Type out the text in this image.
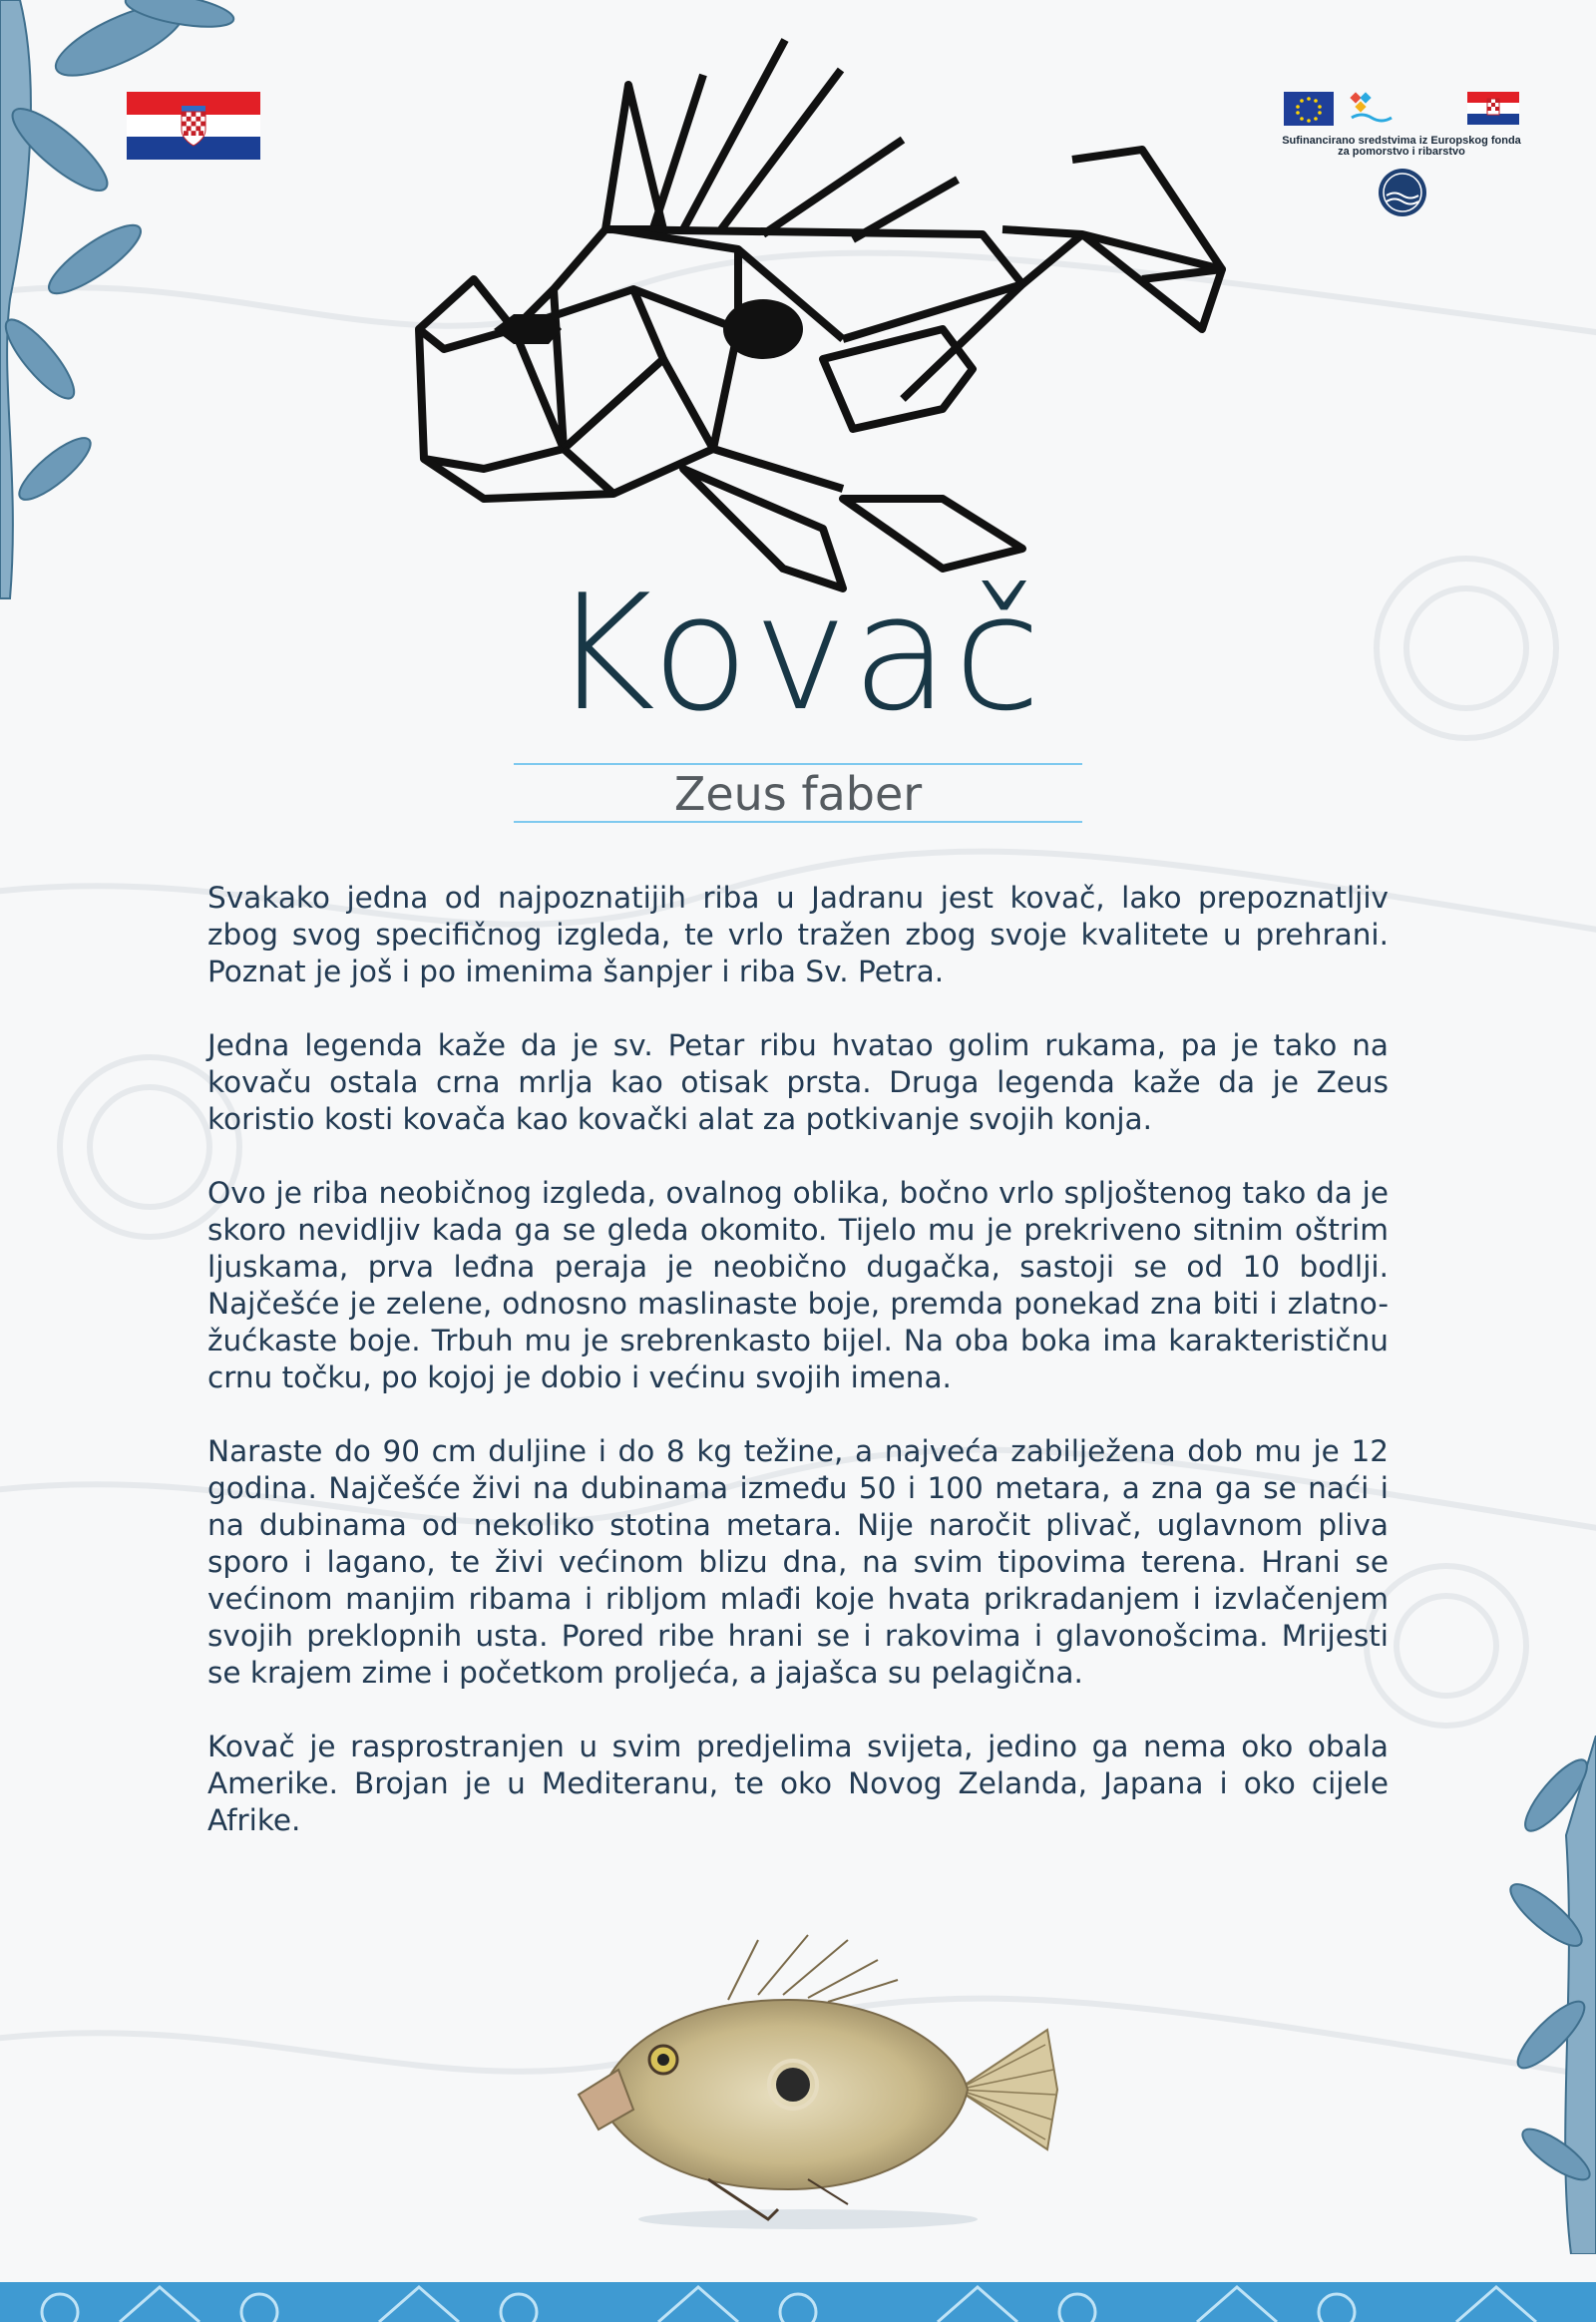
Sufinancirano sredstvima iz Europskog fonda
za pomorstvo i ribarstvo
Kovač
Zeus faber

Svakako jedna od najpoznatijih riba u Jadranu jest kovač, lako prepoznatljiv zbog svog specifičnog izgleda, te vrlo tražen zbog svoje kvalitete u prehrani. Poznat je još i po imenima šanpjer i riba Sv. Petra.

Jedna legenda kaže da je sv. Petar ribu hvatao golim rukama, pa je tako na kovaču ostala crna mrlja kao otisak prsta. Druga legenda kaže da je Zeus koristio kosti kovača kao kovački alat za potkivanje svojih konja.

Ovo je riba neobičnog izgleda, ovalnog oblika, bočno vrlo spljoštenog tako da je skoro nevidljiv kada ga se gleda okomito. Tijelo mu je prekriveno sitnim oštrim ljuskama, prva leđna peraja je neobično dugačka, sastoji se od 10 bodlji. Najčešće je zelene, odnosno maslinaste boje, premda ponekad zna biti i zlatno-žućkaste boje. Trbuh mu je srebrenkasto bijel. Na oba boka ima karakterističnu crnu točku, po kojoj je dobio i većinu svojih imena.

Naraste do 90 cm duljine i do 8 kg težine, a najveća zabilježena dob mu je 12 godina. Najčešće živi na dubinama između 50 i 100 metara, a zna ga se naći i na dubinama od nekoliko stotina metara. Nije naročit plivač, uglavnom pliva sporo i lagano, te živi većinom blizu dna, na svim tipovima terena. Hrani se većinom manjim ribama i ribljom mlađi koje hvata prikradanjem i izvlačenjem svojih preklopnih usta. Pored ribe hrani se i rakovima i glavonošcima. Mrijesti se krajem zime i početkom proljeća, a jajašca su pelagična.

Kovač je rasprostranjen u svim predjelima svijeta, jedino ga nema oko obala Amerike. Brojan je u Mediteranu, te oko Novog Zelanda, Japana i oko cijele Afrike.
